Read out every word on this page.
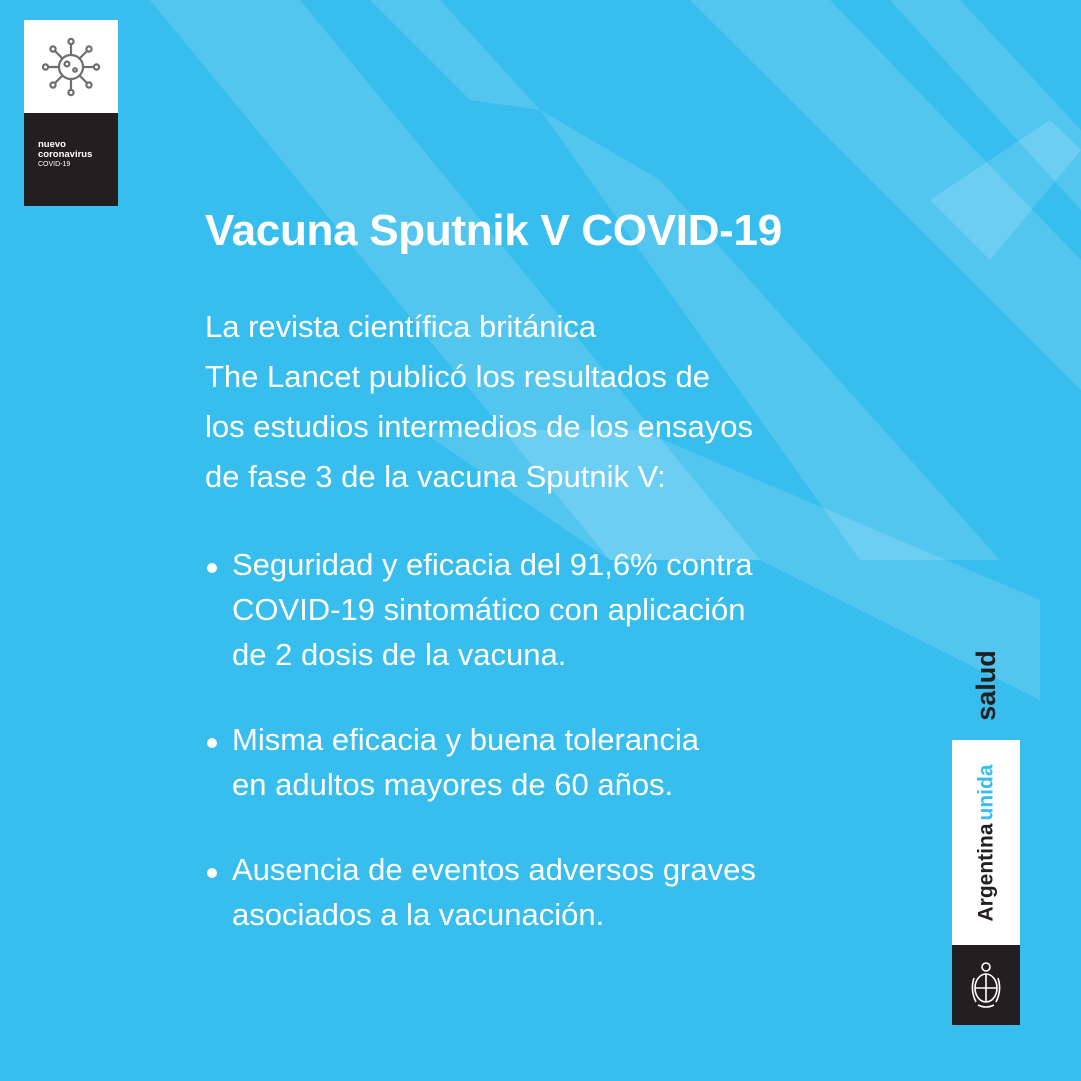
nuevo
coronavirus
COVID-19
Vacuna Sputnik V COVID-19
La revista científica británica
The Lancet publicó los resultados de
los estudios intermedios de los ensayos
de fase 3 de la vacuna Sputnik V:
Seguridad y eficacia del 91,6% contra
COVID-19 sintomático con aplicación
de 2 dosis de la vacuna.
Misma eficacia y buena tolerancia
en adultos mayores de 60 años.
Ausencia de eventos adversos graves
asociados a la vacunación.
salud
Argentinaunida
